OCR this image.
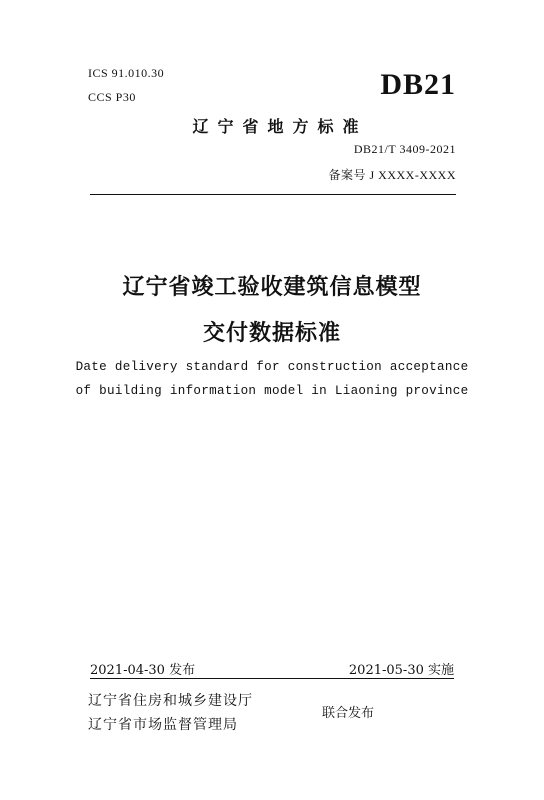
ICS 91.010.30
CCS P30	DB21
辽宁省地方标准
DB21/T 3409-2021
备案号 J XXXX-XXXX
辽宁省竣工验收建筑信息模型
交付数据标准
Date delivery standard for construction acceptance
of building information model in Liaoning province
2021-04-30 发布	2021-05-30 实施
辽宁省住房和城乡建设厅
辽宁省市场监督管理局
联合发布
